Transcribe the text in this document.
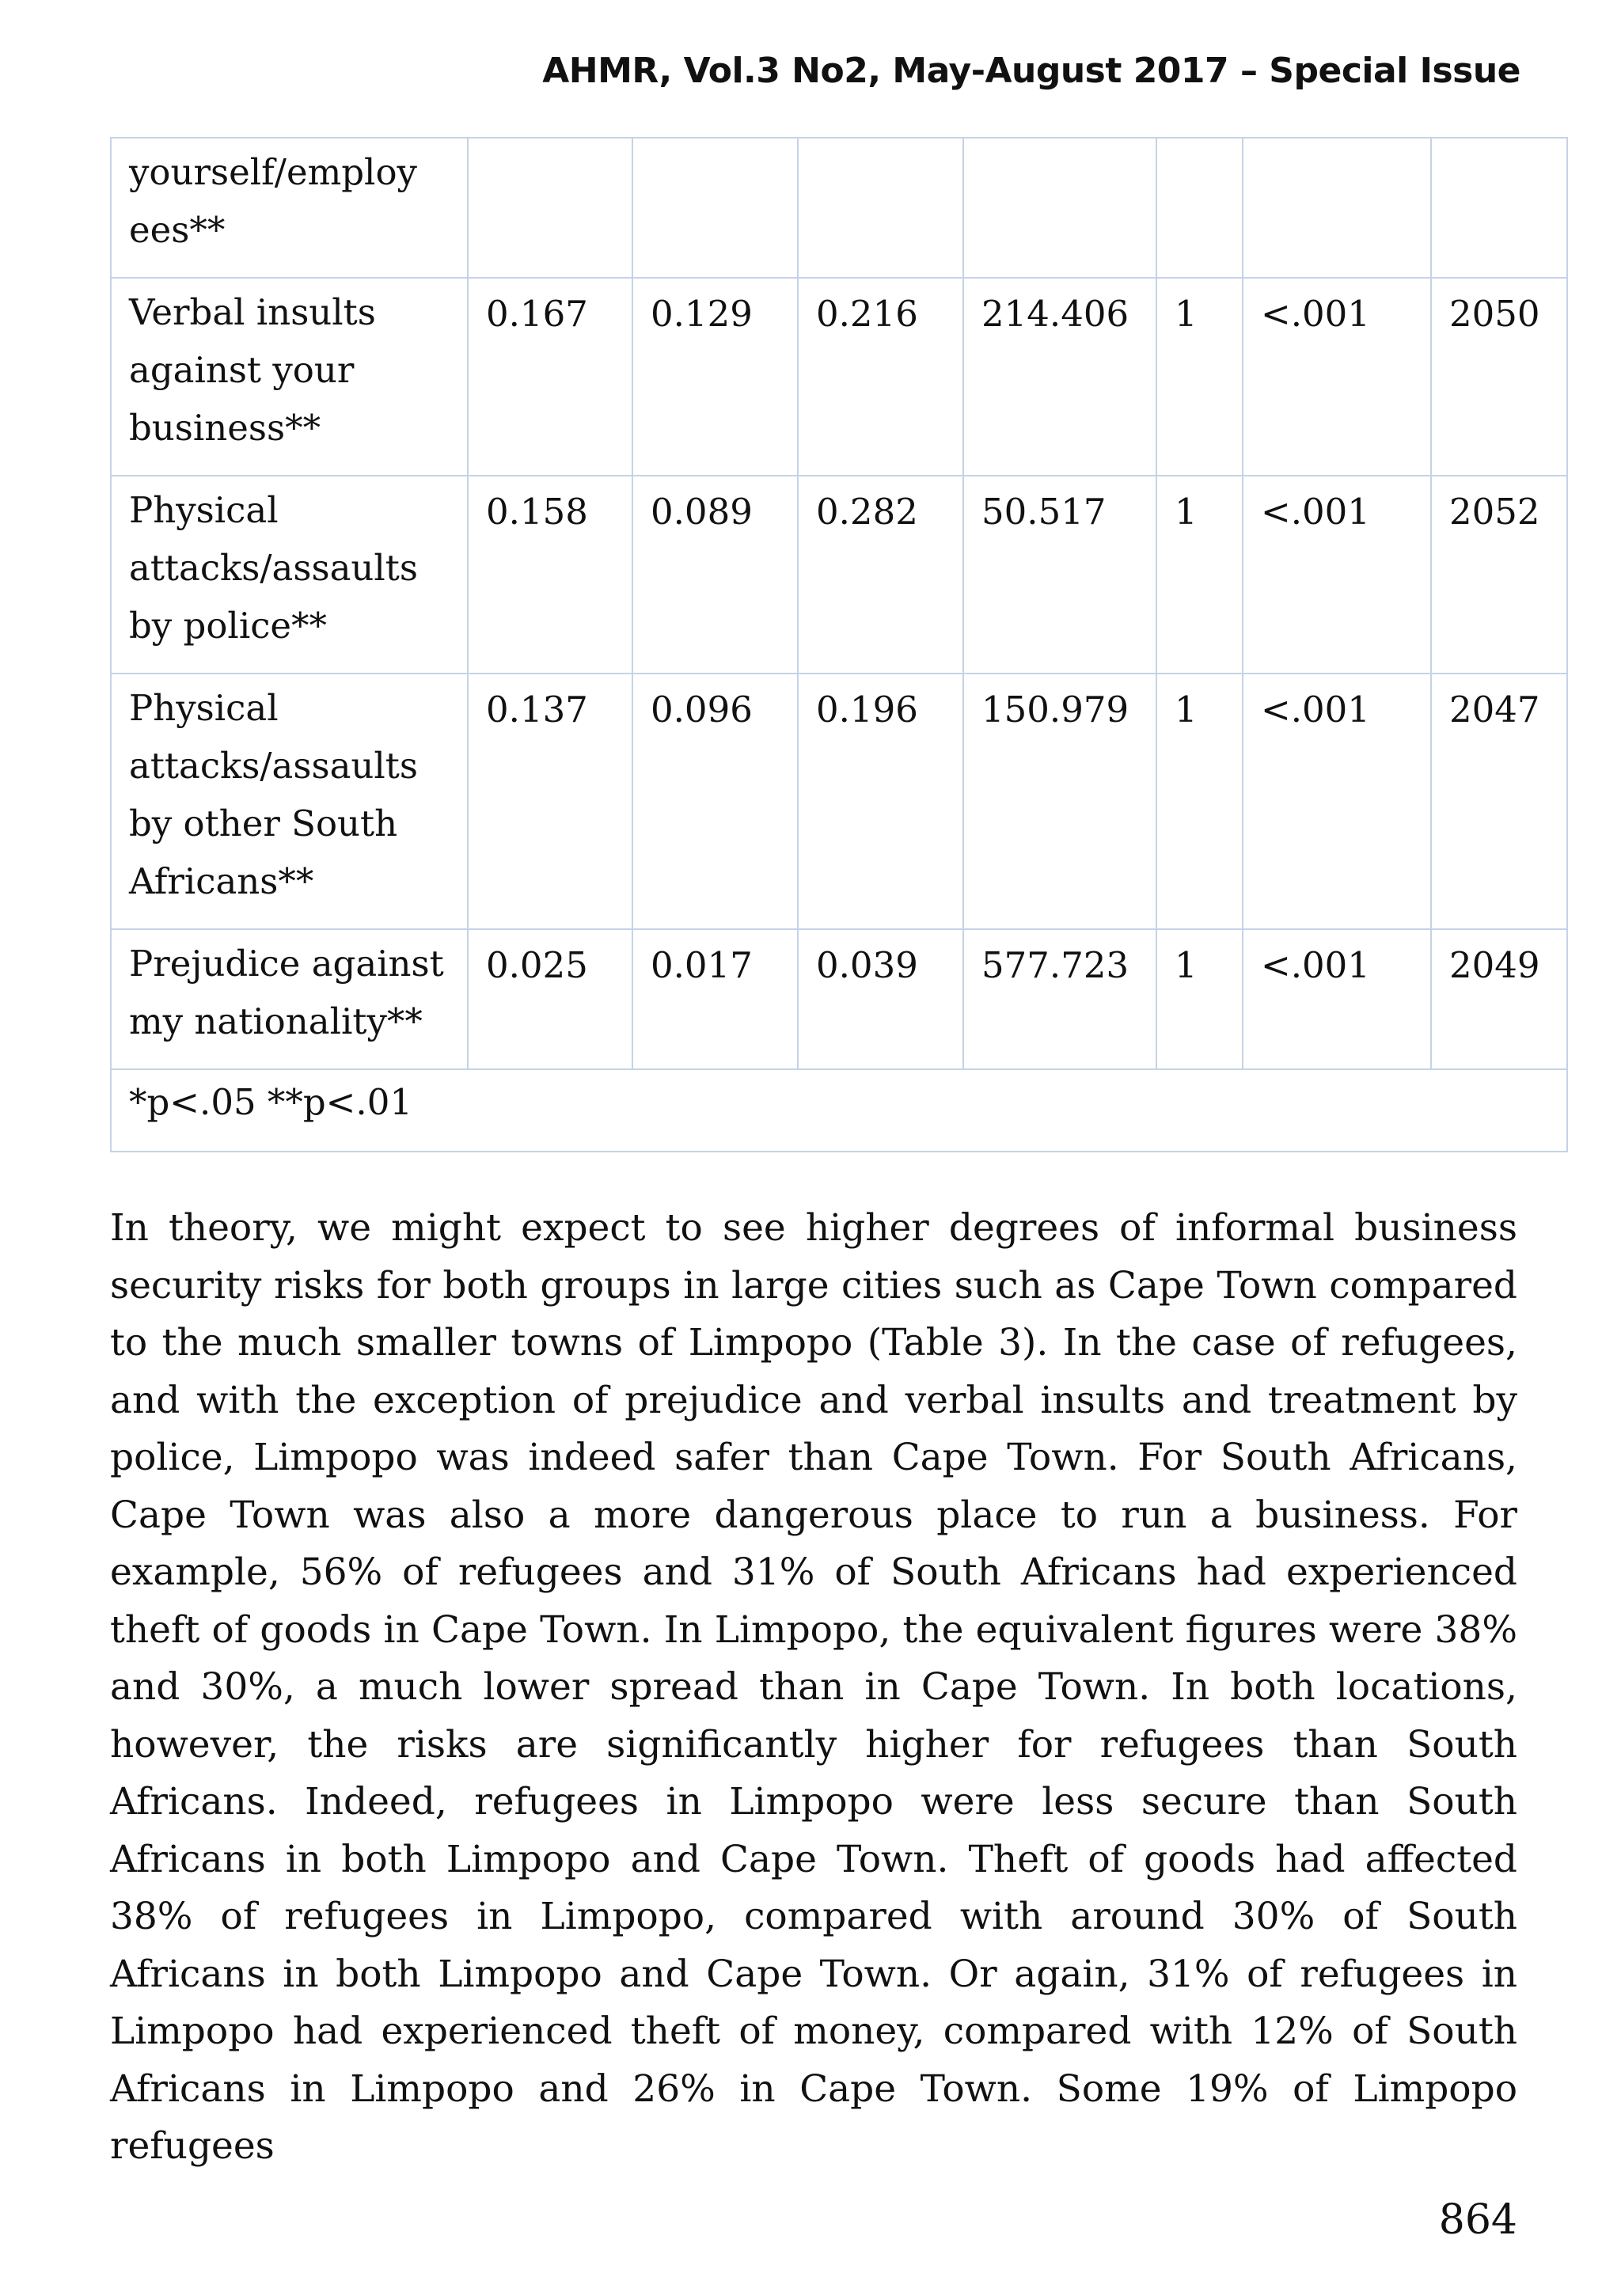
AHMR, Vol.3 No2, May-August 2017 – Special Issue
yourself/employ ees**							
Verbal insults against your business**	0.167	0.129	0.216	214.406	1	<.001	2050
Physical attacks/assaults by police**	0.158	0.089	0.282	50.517	1	<.001	2052
Physical attacks/assaults by other South Africans**	0.137	0.096	0.196	150.979	1	<.001	2047
Prejudice against my nationality**	0.025	0.017	0.039	577.723	1	<.001	2049
*p<.05 **p<.01							

In theory, we might expect to see higher degrees of informal business security risks for both groups in large cities such as Cape Town compared to the much smaller towns of Limpopo (Table 3). In the case of refugees, and with the exception of prejudice and verbal insults and treatment by police, Limpopo was indeed safer than Cape Town. For South Africans, Cape Town was also a more dangerous place to run a business. For example, 56% of refugees and 31% of South Africans had experienced theft of goods in Cape Town. In Limpopo, the equivalent figures were 38% and 30%, a much lower spread than in Cape Town. In both locations, however, the risks are significantly higher for refugees than South Africans. Indeed, refugees in Limpopo were less secure than South Africans in both Limpopo and Cape Town. Theft of goods had affected 38% of refugees in Limpopo, compared with around 30% of South Africans in both Limpopo and Cape Town. Or again, 31% of refugees in Limpopo had experienced theft of money, compared with 12% of South Africans in Limpopo and 26% in Cape Town. Some 19% of Limpopo refugees

864
